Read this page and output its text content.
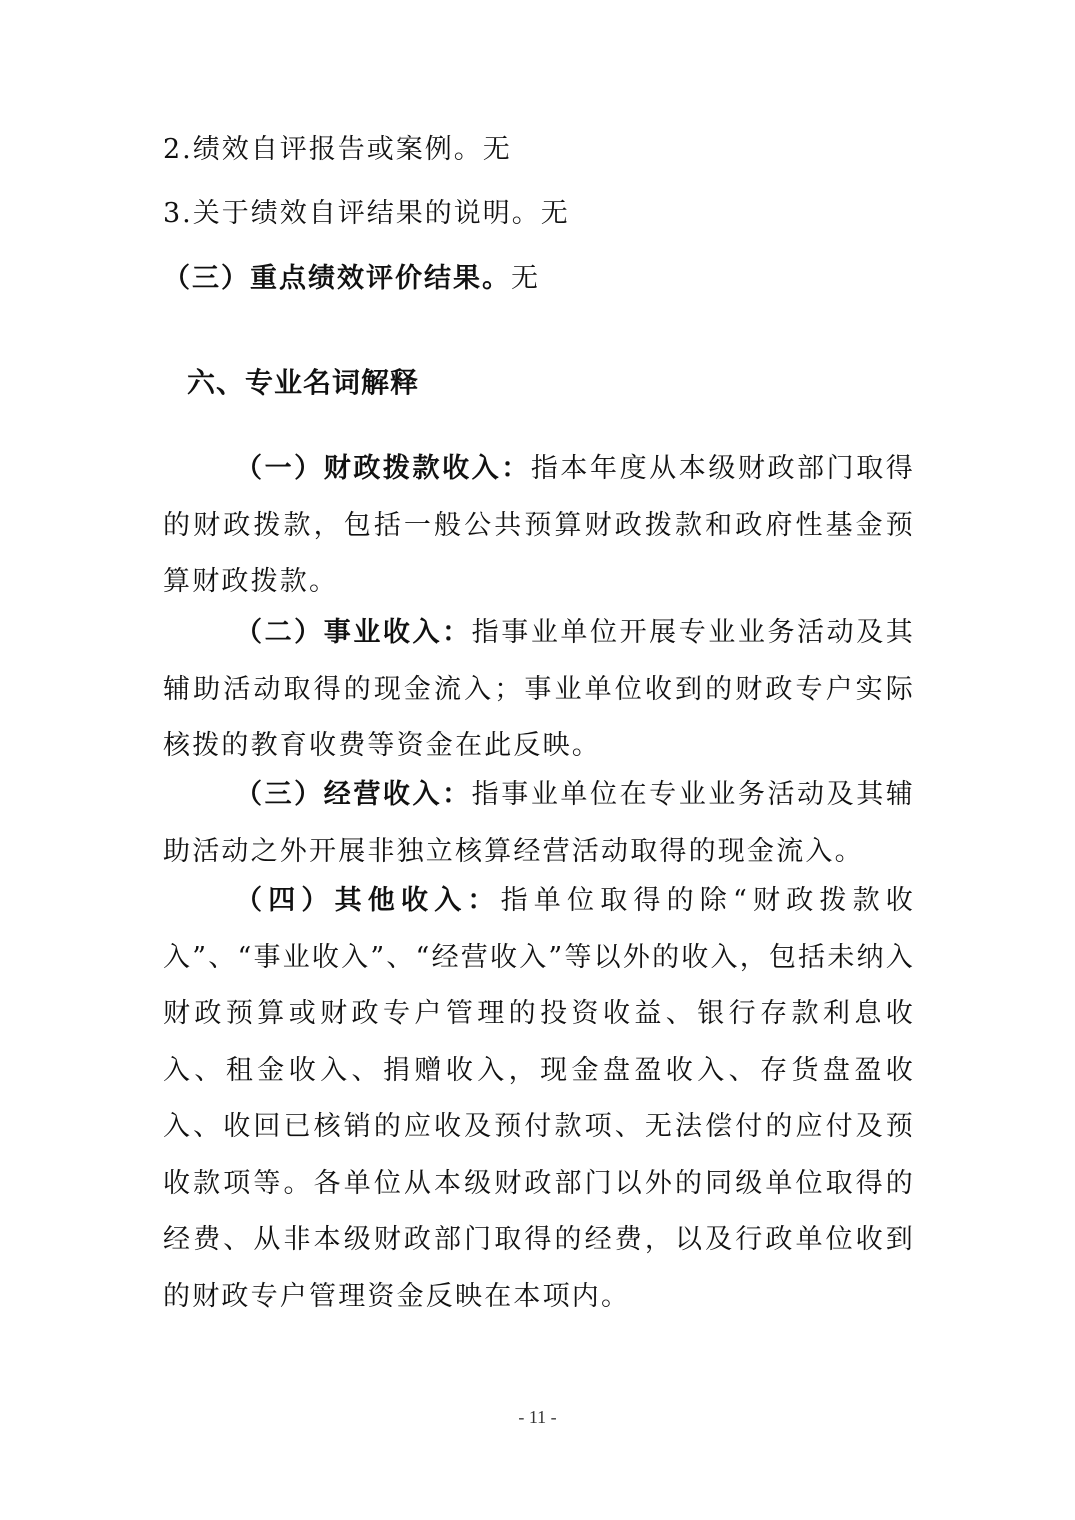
2.绩效自评报告或案例。无
3.关于绩效自评结果的说明。无
（三）重点绩效评价结果。无
六、专业名词解释

（一）财政拨款收入：指本年度从本级财政部门取得的财政拨款，包括一般公共预算财政拨款和政府性基金预算财政拨款。

（二）事业收入：指事业单位开展专业业务活动及其辅助活动取得的现金流入；事业单位收到的财政专户实际核拨的教育收费等资金在此反映。

（三）经营收入：指事业单位在专业业务活动及其辅助活动之外开展非独立核算经营活动取得的现金流入。

（四）其他收入：指单位取得的除“财政拨款收入”、“事业收入”、“经营收入”等以外的收入，包括未纳入财政预算或财政专户管理的投资收益、银行存款利息收入、租金收入、捐赠收入，现金盘盈收入、存货盘盈收入、收回已核销的应收及预付款项、无法偿付的应付及预收款项等。各单位从本级财政部门以外的同级单位取得的经费、从非本级财政部门取得的经费，以及行政单位收到的财政专户管理资金反映在本项内。

- 11 -
